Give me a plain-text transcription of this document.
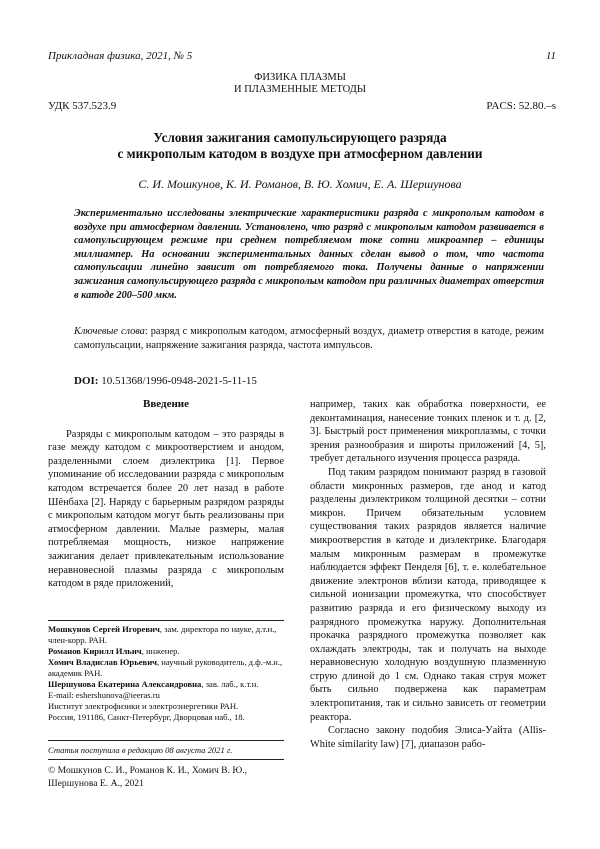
Прикладная физика, 2021, № 5	11
ФИЗИКА ПЛАЗМЫ
И ПЛАЗМЕННЫЕ МЕТОДЫ
УДК 537.523.9	PACS: 52.80.–s
Условия зажигания самопульсирующего разряда
с микрополым катодом в воздухе при атмосферном давлении
С. И. Мошкунов, К. И. Романов, В. Ю. Хомич, Е. А. Шершунова
Экспериментально исследованы электрические характеристики разряда с микрополым катодом в воздухе при атмосферном давлении. Установлено, что разряд с микрополым катодом развивается в самопульсирующем режиме при среднем потребляемом токе сотни микроампер – единицы миллиампер. На основании экспериментальных данных сделан вывод о том, что частота самопульсации линейно зависит от потребляемого тока. Получены данные о напряжении зажигания самопульсирующего разряда с микрополым катодом при различных диаметрах отверстия в катоде 200–500 мкм.
Ключевые слова: разряд с микрополым катодом, атмосферный воздух, диаметр отверстия в катоде, режим самопульсации, напряжение зажигания разряда, частота импульсов.
DOI: 10.51368/1996-0948-2021-5-11-15
Введение

Разряды с микрополым катодом – это разряды в газе между катодом с микроотверстием и анодом, разделенными слоем диэлектрика [1]. Первое упоминание об исследовании разряда с микрополым катодом встречается более 20 лет назад в работе Шёнбаха [2]. Наряду с барьерным разрядом разряды с микрополым катодом могут быть реализованы при атмосферном давлении. Малые размеры, малая потребляемая мощность, низкое напряжение зажигания делает привлекательным использование неравновесной плазмы разряда с микрополым катодом в ряде приложений,

например, таких как обработка поверхности, ее деконтаминация, нанесение тонких пленок и т. д. [2, 3]. Быстрый рост применения микроплазмы, с точки зрения разнообразия и широты приложений [4, 5], требует детального изучения процесса разряда.

Под таким разрядом понимают разряд в газовой области микронных размеров, где анод и катод разделены диэлектриком толщиной десятки – сотни микрон. Причем обязательным условием существования таких разрядов является наличие микроотверстия в катоде и диэлектрике. Благодаря малым микронным размерам в промежутке наблюдается эффект Пенделя [6], т. е. колебательное движение электронов вблизи катода, приводящее к сильной ионизации промежутка, что способствует развитию разряда и его физическому выходу из разрядного промежутка наружу. Дополнительная прокачка разрядного промежутка позволяет как охлаждать электроды, так и получать на выходе неравновесную холодную воздушную плазменную струю длиной до 1 см. Однако такая струя может быть сильно подвержена как параметрам электропитания, так и сильно зависеть от геометрии реактора.

Согласно закону подобия Элиса-Уайта (Allis-White similarity law) [7], диапазон рабо-

Мошкунов Сергей Игоревич, зам. директора по науке, д.т.н., член-корр. РАН.
Романов Кирилл Ильич, инженер.
Хомич Владислав Юрьевич, научный руководитель, д.ф.-м.н., академик РАН.
Шершунова Екатерина Александровна, зав. лаб., к.т.н.
E-mail: eshershunova@ieeras.ru
Институт электрофизики и электроэнергетики РАН.
Россия, 191186, Санкт-Петербург, Дворцовая наб., 18.
Статья поступила в редакцию 08 августа 2021 г.
© Мошкунов С. И., Романов К. И., Хомич В. Ю., Шершунова Е. А., 2021
